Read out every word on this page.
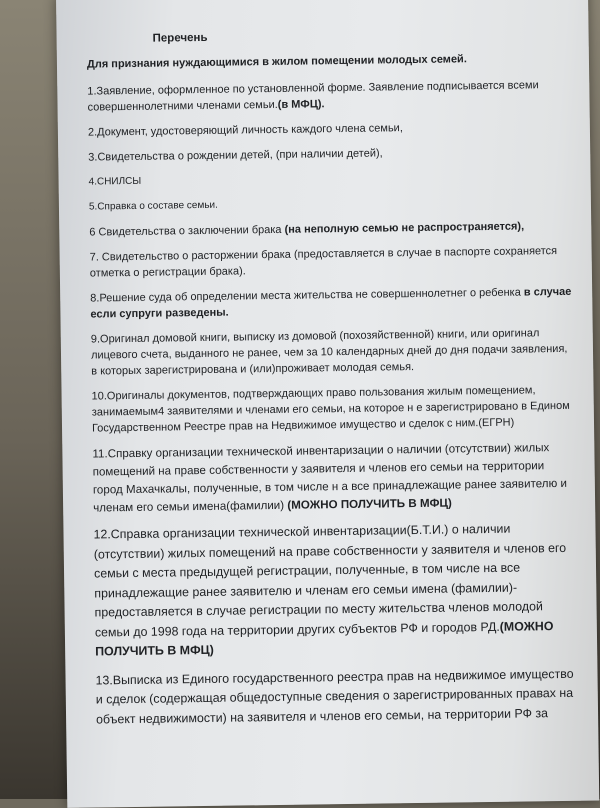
Перечень
Для признания нуждающимися в жилом помещении молодых семей.
1.Заявление, оформленное по установленной форме. Заявление подписывается всеми совершеннолетними членами семьи.(в МФЦ).
2.Документ, удостоверяющий личность каждого члена семьи,
3.Свидетельства о рождении детей, (при наличии детей),
4.СНИЛСЫ
5.Справка о составе семьи.
6 Свидетельства о заключении брака (на неполную семью не распространяется),
7. Свидетельство о расторжении брака (предоставляется в случае в паспорте сохраняется отметка о регистрации брака).
8.Решение суда об определении места жительства не совершеннолетнег о ребенка в случае если супруги разведены.
9.Оригинал домовой книги, выписку из домовой (похозяйственной) книги, или оригинал лицевого счета, выданного не ранее, чем за 10 календарных дней до дня подачи заявления, в которых зарегистрирована и (или)проживает молодая семья.
10.Оригиналы документов, подтверждающих право пользования жилым помещением, занимаемым4 заявителями и членами его семьи, на которое н е зарегистрировано в Едином Государственном Реестре прав на Недвижимое имущество и сделок с ним.(ЕГРН)
11.Справку организации технической инвентаризации о наличии (отсутствии) жилых помещений на праве собственности у заявителя и членов его семьи на территории город Махачкалы, полученные, в том числе н а все принадлежащие ранее заявителю и членам его семьи имена(фамилии) (МОЖНО ПОЛУЧИТЬ В МФЦ)
12.Справка организации технической инвентаризации(Б.Т.И.) о наличии (отсутствии) жилых помещений на праве собственности у заявителя и членов его семьи с места предыдущей регистрации, полученные, в том числе на все принадлежащие ранее заявителю и членам его семьи имена (фамилии)- предоставляется в случае регистрации по месту жительства членов молодой семьи до 1998 года на территории других субъектов РФ и городов РД.(МОЖНО ПОЛУЧИТЬ В МФЦ)
13.Выписка из Единого государственного реестра прав на недвижимое имущество и сделок (содержащая общедоступные сведения о зарегистрированных правах на объект недвижимости) на заявителя и членов его семьи, на территории РФ за
